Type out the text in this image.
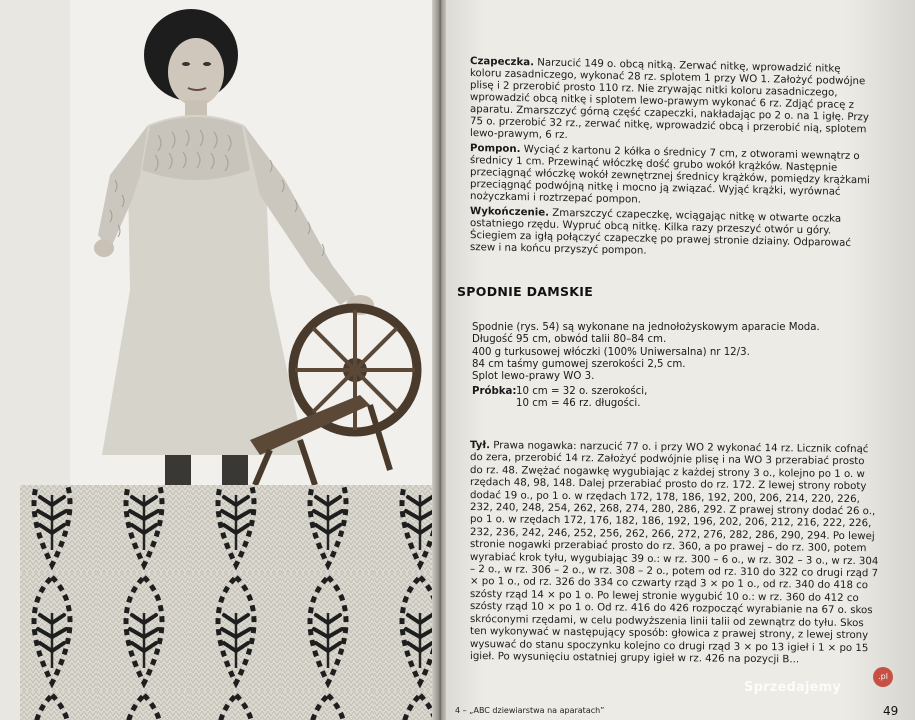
Czapeczka. Narzucić 149 o. obcą nitką. Zerwać nitkę, wprowadzić nitkę koloru zasadniczego, wykonać 28 rz. splotem 1 przy WO 1. Założyć podwójne plisę i 2 przerobić prosto 110 rz. Nie zrywając nitki koloru zasadniczego, wprowadzić obcą nitkę i splotem lewo-prawym wykonać 6 rz. Zdjąć pracę z aparatu. Zmarszczyć górną część czapeczki, nakładając po 2 o. na 1 igłę. Przy 75 o. przerobić 32 rz., zerwać nitkę, wprowadzić obcą i przerobić nią, splotem lewo-prawym, 6 rz.

Pompon. Wyciąć z kartonu 2 kółka o średnicy 7 cm, z otworami wewnątrz o średnicy 1 cm. Przewinąć włóczkę dość grubo wokół krążków. Następnie przeciągnąć włóczkę wokół zewnętrznej średnicy krążków, pomiędzy krążkami przeciągnąć podwójną nitkę i mocno ją związać. Wyjąć krążki, wyrównać nożyczkami i roztrzepać pompon.

Wykończenie. Zmarszczyć czapeczkę, wciągając nitkę w otwarte oczka ostatniego rzędu. Wypruć obcą nitkę. Kilka razy przeszyć otwór u góry. Ściegiem za igłą połączyć czapeczkę po prawej stronie dziainy. Odparować szew i na końcu przyszyć pompon.

SPODNIE DAMSKIE
Spodnie (rys. 54) są wykonane na jednołożyskowym aparacie Moda.
Długość 95 cm, obwód talii 80–84 cm.
400 g turkusowej włóczki (100% Uniwersalna) nr 12/3.
84 cm taśmy gumowej szerokości 2,5 cm.
Splot lewo-prawy WO 3.
Próbka:10 cm = 32 o. szerokości,
10 cm = 46 rz. długości.

Tył. Prawa nogawka: narzucić 77 o. i przy WO 2 wykonać 14 rz. Licznik cofnąć do zera, przerobić 14 rz. Założyć podwójnie plisę i na WO 3 przerabiać prosto do rz. 48. Zwężać nogawkę wygubiając z każdej strony 3 o., kolejno po 1 o. w rzędach 48, 98, 148. Dalej przerabiać prosto do rz. 172. Z lewej strony roboty dodać 19 o., po 1 o. w rzędach 172, 178, 186, 192, 200, 206, 214, 220, 226, 232, 240, 248, 254, 262, 268, 274, 280, 286, 292. Z prawej strony dodać 26 o., po 1 o. w rzędach 172, 176, 182, 186, 192, 196, 202, 206, 212, 216, 222, 226, 232, 236, 242, 246, 252, 256, 262, 266, 272, 276, 282, 286, 290, 294. Po lewej stronie nogawki przerabiać prosto do rz. 360, a po prawej – do rz. 300, potem wyrabiać krok tyłu, wygubiając 39 o.: w rz. 300 – 6 o., w rz. 302 – 3 o., w rz. 304 – 2 o., w rz. 306 – 2 o., w rz. 308 – 2 o., potem od rz. 310 do 322 co drugi rząd 7 × po 1 o., od rz. 326 do 334 co czwarty rząd 3 × po 1 o., od rz. 340 do 418 co szósty rząd 14 × po 1 o. Po lewej stronie wygubić 10 o.: w rz. 360 do 412 co szósty rząd 10 × po 1 o. Od rz. 416 do 426 rozpocząć wyrabianie na 67 o. skos skróconymi rzędami, w celu podwyższenia linii talii od zewnątrz do tyłu. Skos ten wykonywać w następujący sposób: głowica z prawej strony, z lewej strony wysuwać do stanu spoczynku kolejno co drugi rząd 3 × po 13 igieł i 1 × po 15 igieł. Po wysunięciu ostatniej grupy igieł w rz. 426 na pozycji B...

4 – „ABC dziewiarstwa na aparatach”	49
Sprzedajemy
.pl
